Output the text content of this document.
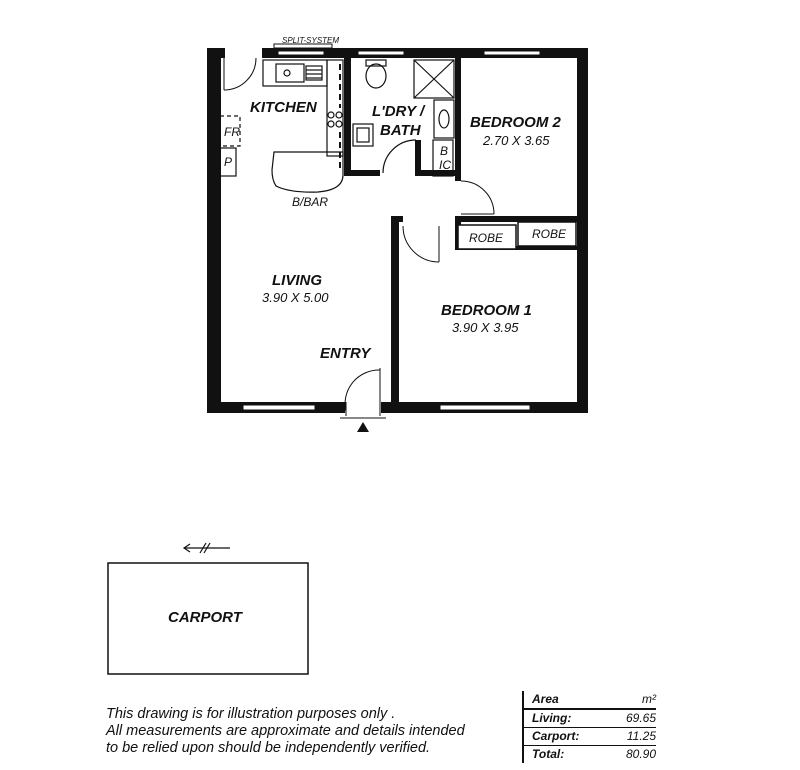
SPLIT-SYSTEM
ROBE ROBE
KITCHEN
FR
P
B/BAR
L'DRY /
BATH
B
IC
BEDROOM 2
2.70 X 3.65
BEDROOM 1
3.90 X 3.95
LIVING
3.90 X 5.00
ENTRY
CARPORT
This drawing is for illustration purposes only .
All measurements are approximate and details intended
to be relied upon should be independently verified.
Area	m²
Living:	69.65
Carport:	11.25
Total:	80.90
